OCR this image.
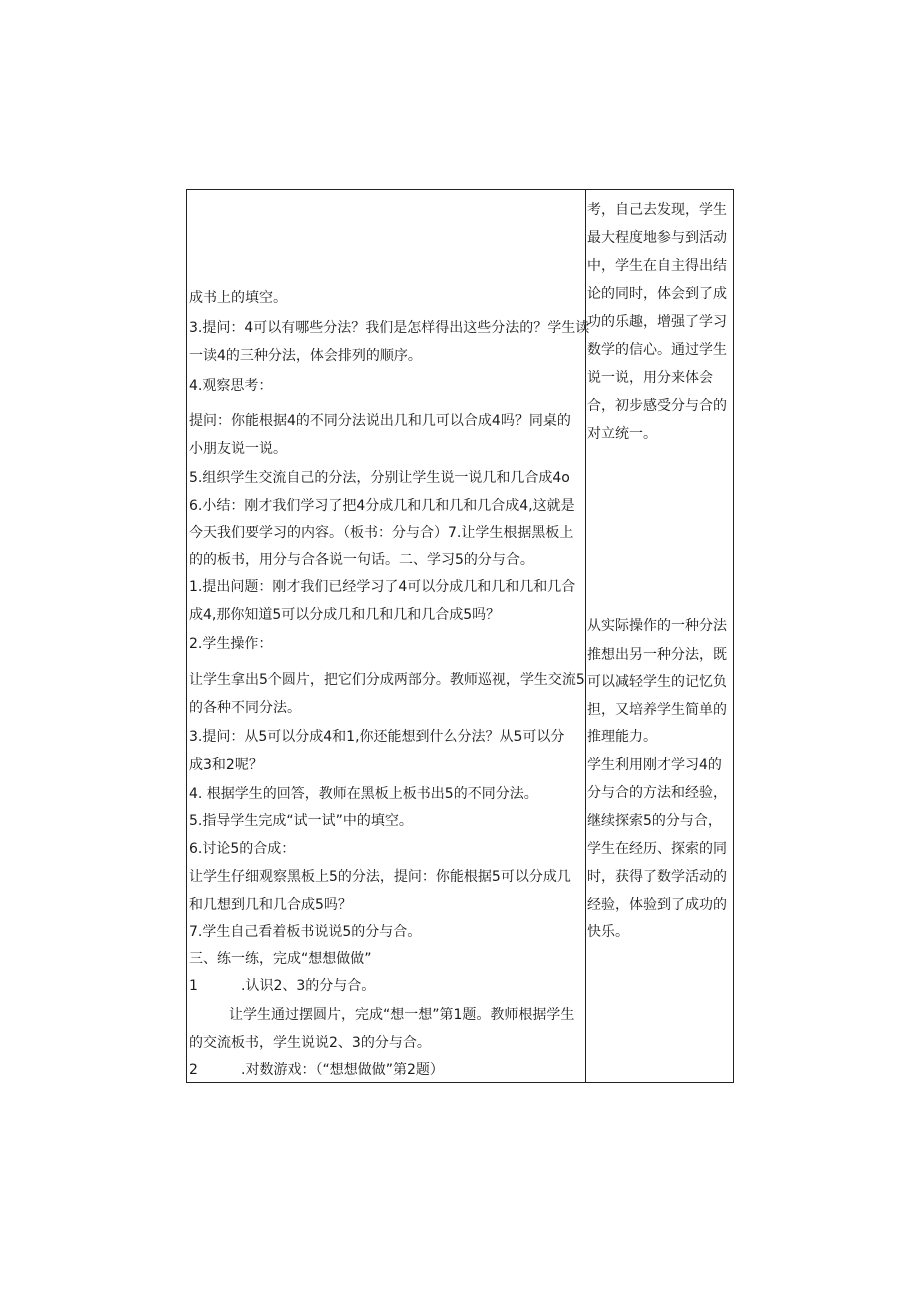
成书上的填空。
3.提问：4可以有哪些分法？我们是怎样得出这些分法的？学生读
一读4的三种分法，体会排列的顺序。
4.观察思考：
提问：你能根据4的不同分法说出几和几可以合成4吗？同桌的
小朋友说一说。
5.组织学生交流自己的分法，分别让学生说一说几和几合成4o
6.小结：刚才我们学习了把4分成几和几和几和几合成4,这就是
今天我们要学习的内容。（板书：分与合）7.让学生根据黑板上
的的板书，用分与合各说一句话。二、学习5的分与合。
1.提出问题：刚才我们已经学习了4可以分成几和几和几和几合
成4,那你知道5可以分成几和几和几和几合成5吗？
2.学生操作：
让学生拿出5个圆片，把它们分成两部分。教师巡视，学生交流5
的各种不同分法。
3.提问：从5可以分成4和1,你还能想到什么分法？从5可以分
成3和2呢？
4. 根据学生的回答，教师在黑板上板书出5的不同分法。
5.指导学生完成“试一试”中的填空。
6.讨论5的合成：
让学生仔细观察黑板上5的分法，提问：你能根据5可以分成几
和几想到几和几合成5吗？
7.学生自己看着板书说说5的分与合。
三、练一练，完成“想想做做”
1	.认识2、3的分与合。
让学生通过摆圆片，完成“想一想”第1题。教师根据学生
的交流板书，学生说说2、3的分与合。
2	.对数游戏：（“想想做做”第2题）
考，自己去发现，学生
最大程度地参与到活动
中，学生在自主得出结
论的同时，体会到了成
功的乐趣，增强了学习
数学的信心。通过学生
说一说，用分来体会
合，初步感受分与合的
对立统一。
从实际操作的一种分法
推想出另一种分法，既
可以减轻学生的记忆负
担，又培养学生简单的
推理能力。
学生利用刚才学习4的
分与合的方法和经验，
继续探索5的分与合，
学生在经历、探索的同
时，获得了数学活动的
经验，体验到了成功的
快乐。
